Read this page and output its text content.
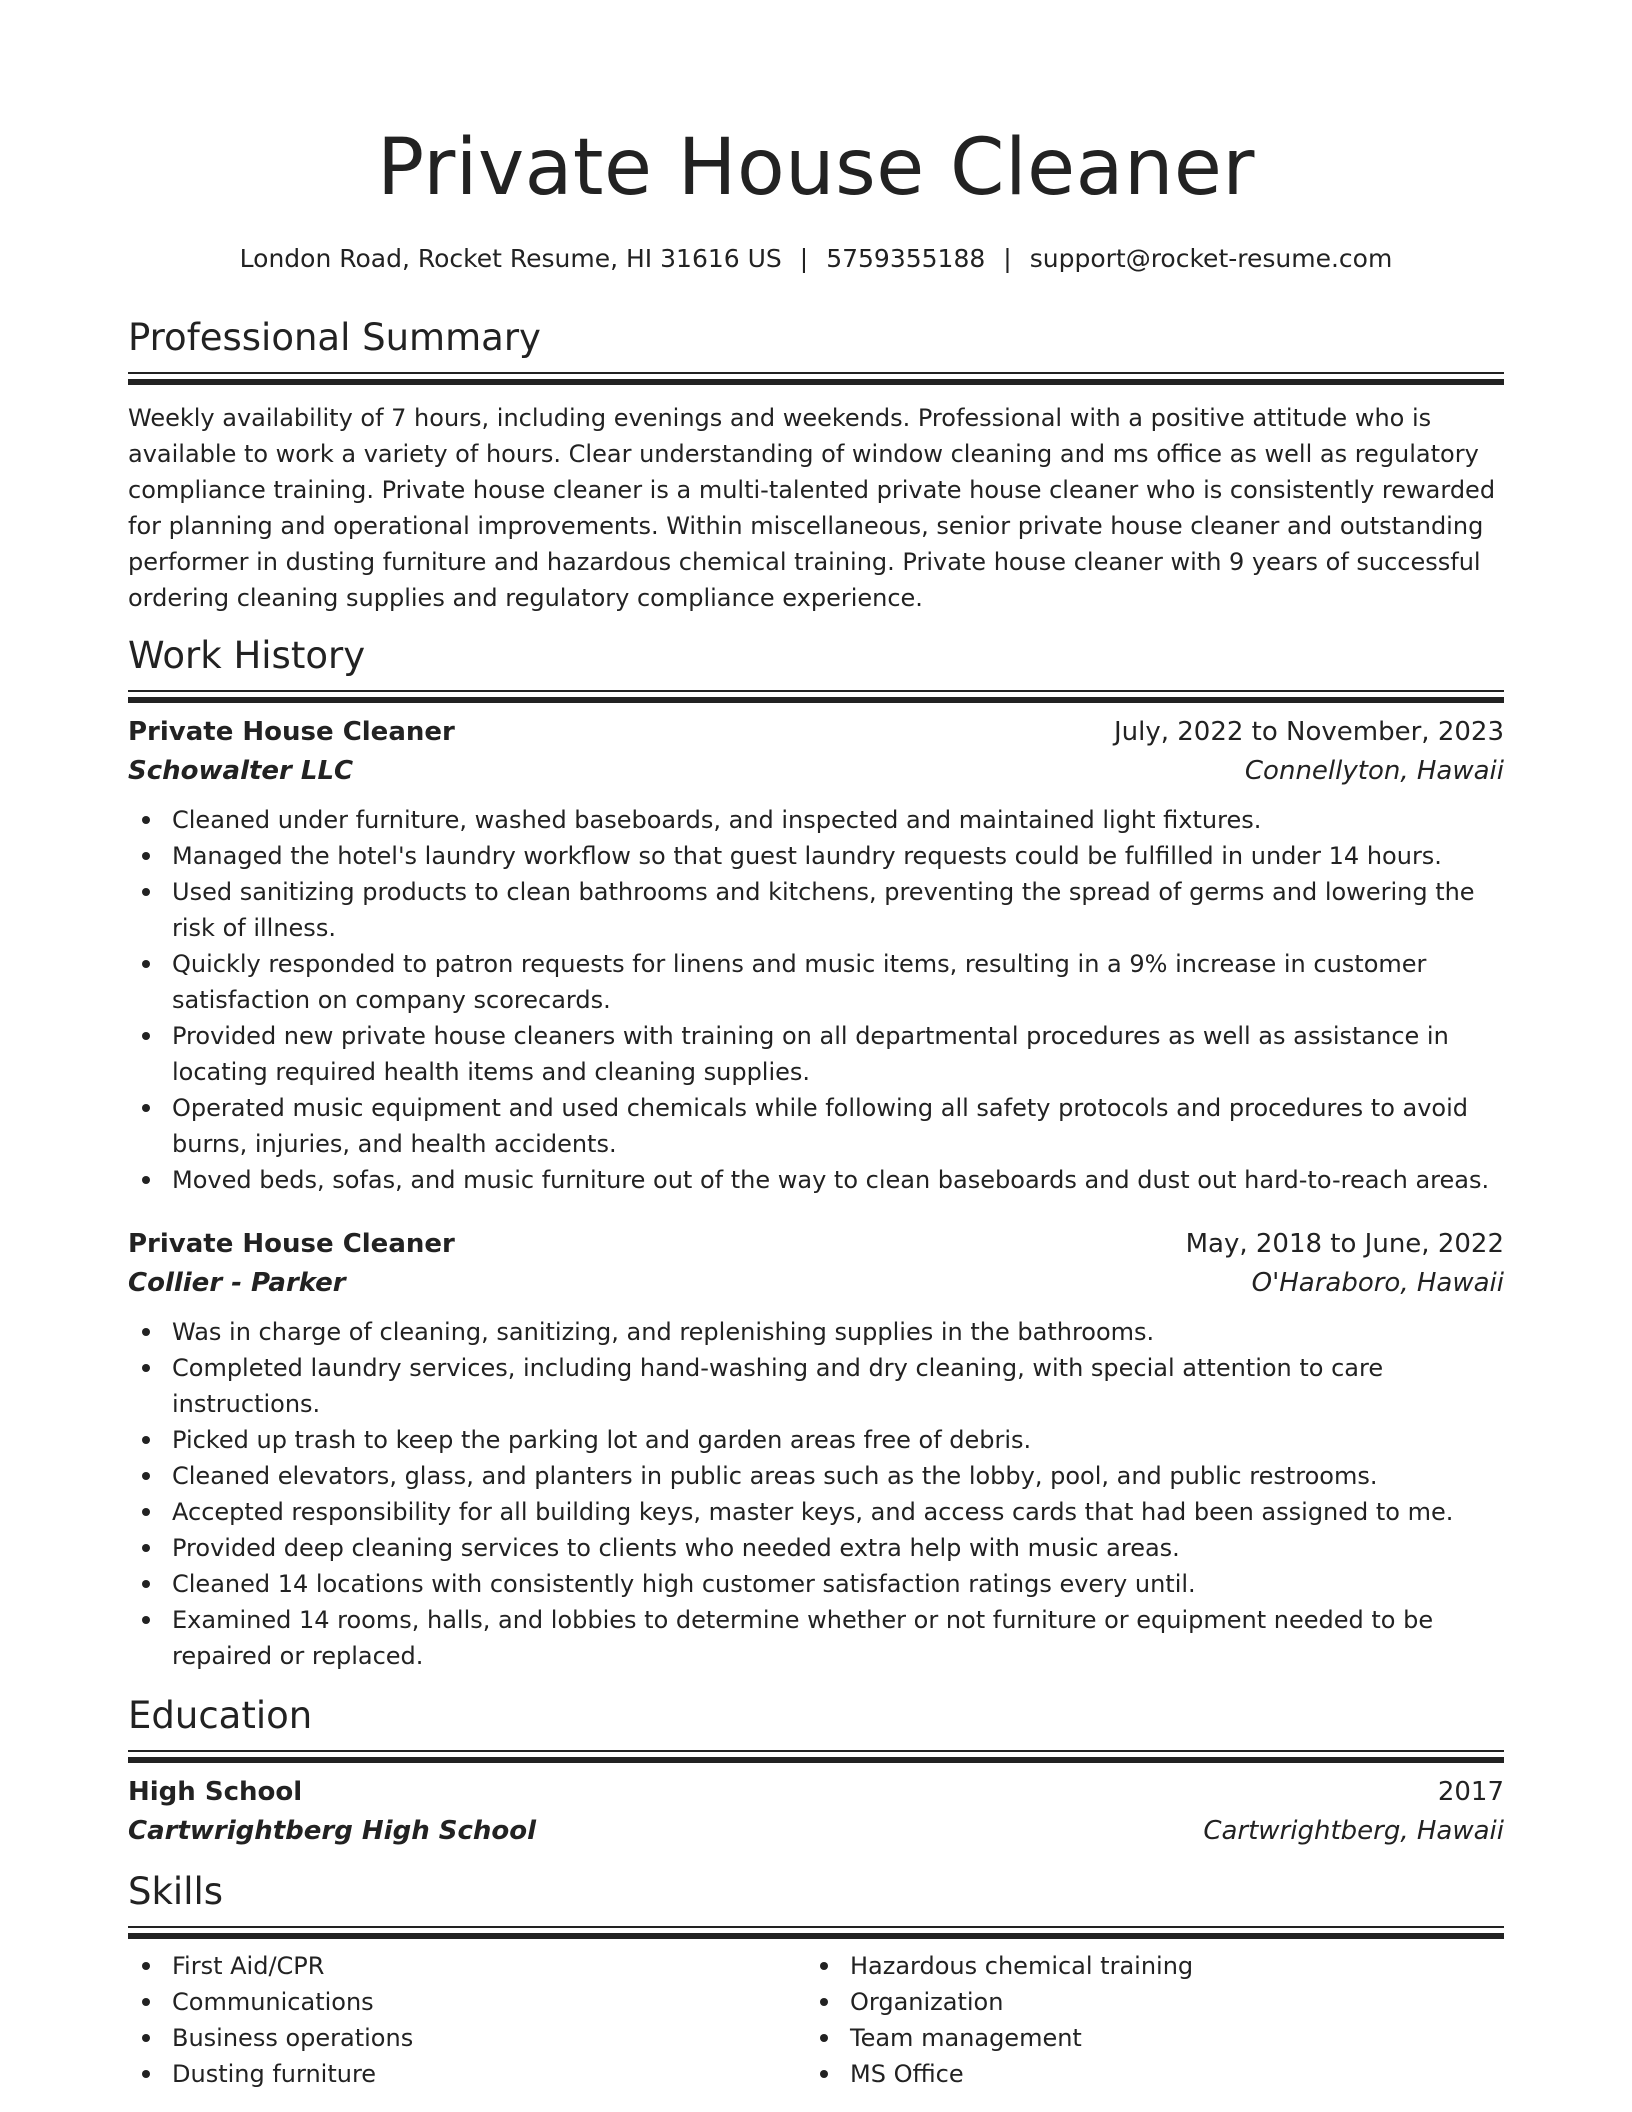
Private House Cleaner
London Road, Rocket Resume, HI 31616 US | 5759355188 | support@rocket-resume.com
Professional Summary
Weekly availability of 7 hours, including evenings and weekends. Professional with a positive attitude who is available to work a variety of hours. Clear understanding of window cleaning and ms office as well as regulatory compliance training. Private house cleaner is a multi-talented private house cleaner who is consistently rewarded for planning and operational improvements. Within miscellaneous, senior private house cleaner and outstanding performer in dusting furniture and hazardous chemical training. Private house cleaner with 9 years of successful ordering cleaning supplies and regulatory compliance experience.
Work History
Private House Cleaner	July, 2022 to November, 2023
Schowalter LLC	Connellyton, Hawaii
Cleaned under furniture, washed baseboards, and inspected and maintained light fixtures.
Managed the hotel's laundry workflow so that guest laundry requests could be fulfilled in under 14 hours.
Used sanitizing products to clean bathrooms and kitchens, preventing the spread of germs and lowering the risk of illness.
Quickly responded to patron requests for linens and music items, resulting in a 9% increase in customer satisfaction on company scorecards.
Provided new private house cleaners with training on all departmental procedures as well as assistance in locating required health items and cleaning supplies.
Operated music equipment and used chemicals while following all safety protocols and procedures to avoid burns, injuries, and health accidents.
Moved beds, sofas, and music furniture out of the way to clean baseboards and dust out hard-to-reach areas.
Private House Cleaner	May, 2018 to June, 2022
Collier - Parker	O'Haraboro, Hawaii
Was in charge of cleaning, sanitizing, and replenishing supplies in the bathrooms.
Completed laundry services, including hand-washing and dry cleaning, with special attention to care instructions.
Picked up trash to keep the parking lot and garden areas free of debris.
Cleaned elevators, glass, and planters in public areas such as the lobby, pool, and public restrooms.
Accepted responsibility for all building keys, master keys, and access cards that had been assigned to me.
Provided deep cleaning services to clients who needed extra help with music areas.
Cleaned 14 locations with consistently high customer satisfaction ratings every until.
Examined 14 rooms, halls, and lobbies to determine whether or not furniture or equipment needed to be repaired or replaced.
Education
High School	2017
Cartwrightberg High School	Cartwrightberg, Hawaii
Skills
First Aid/CPR
Communications
Business operations
Dusting furniture
Hazardous chemical training
Organization
Team management
MS Office
